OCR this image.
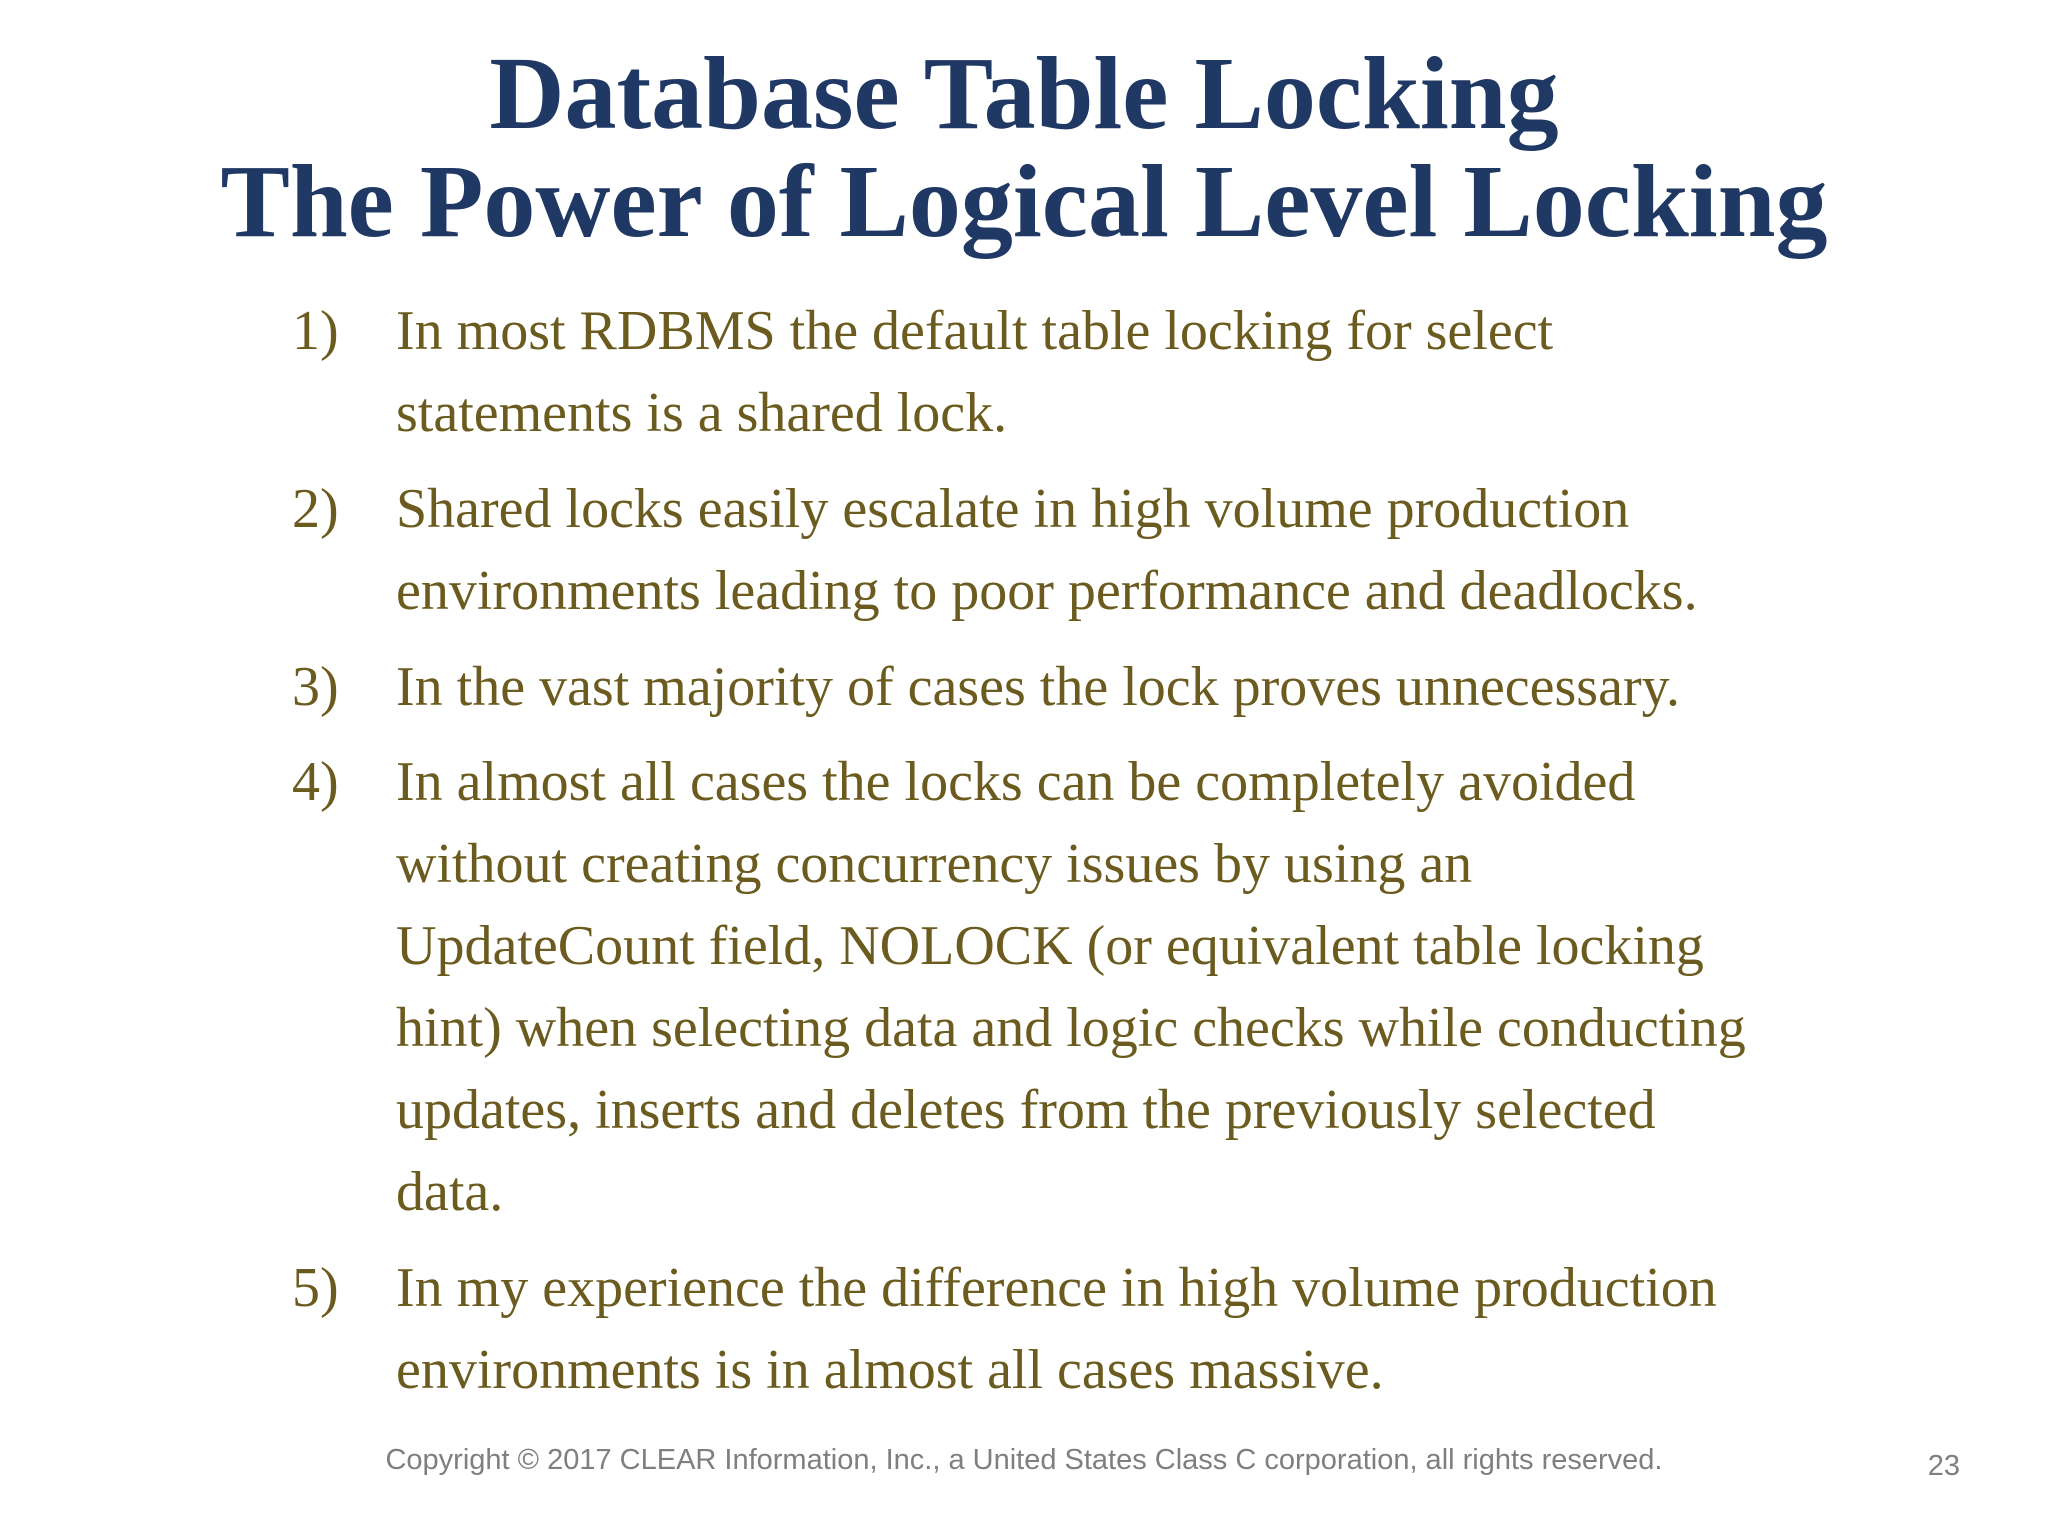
Database Table Locking
The Power of Logical Level Locking
1) In most RDBMS the default table locking for select statements is a shared lock.
2) Shared locks easily escalate in high volume production environments leading to poor performance and deadlocks.
3) In the vast majority of cases the lock proves unnecessary.
4) In almost all cases the locks can be completely avoided without creating concurrency issues by using an UpdateCount field, NOLOCK (or equivalent table locking hint) when selecting data and logic checks while conducting updates, inserts and deletes from the previously selected data.
5) In my experience the difference in high volume production environments is in almost all cases massive.
Copyright © 2017 CLEAR Information, Inc., a United States Class C corporation, all rights reserved.	23
